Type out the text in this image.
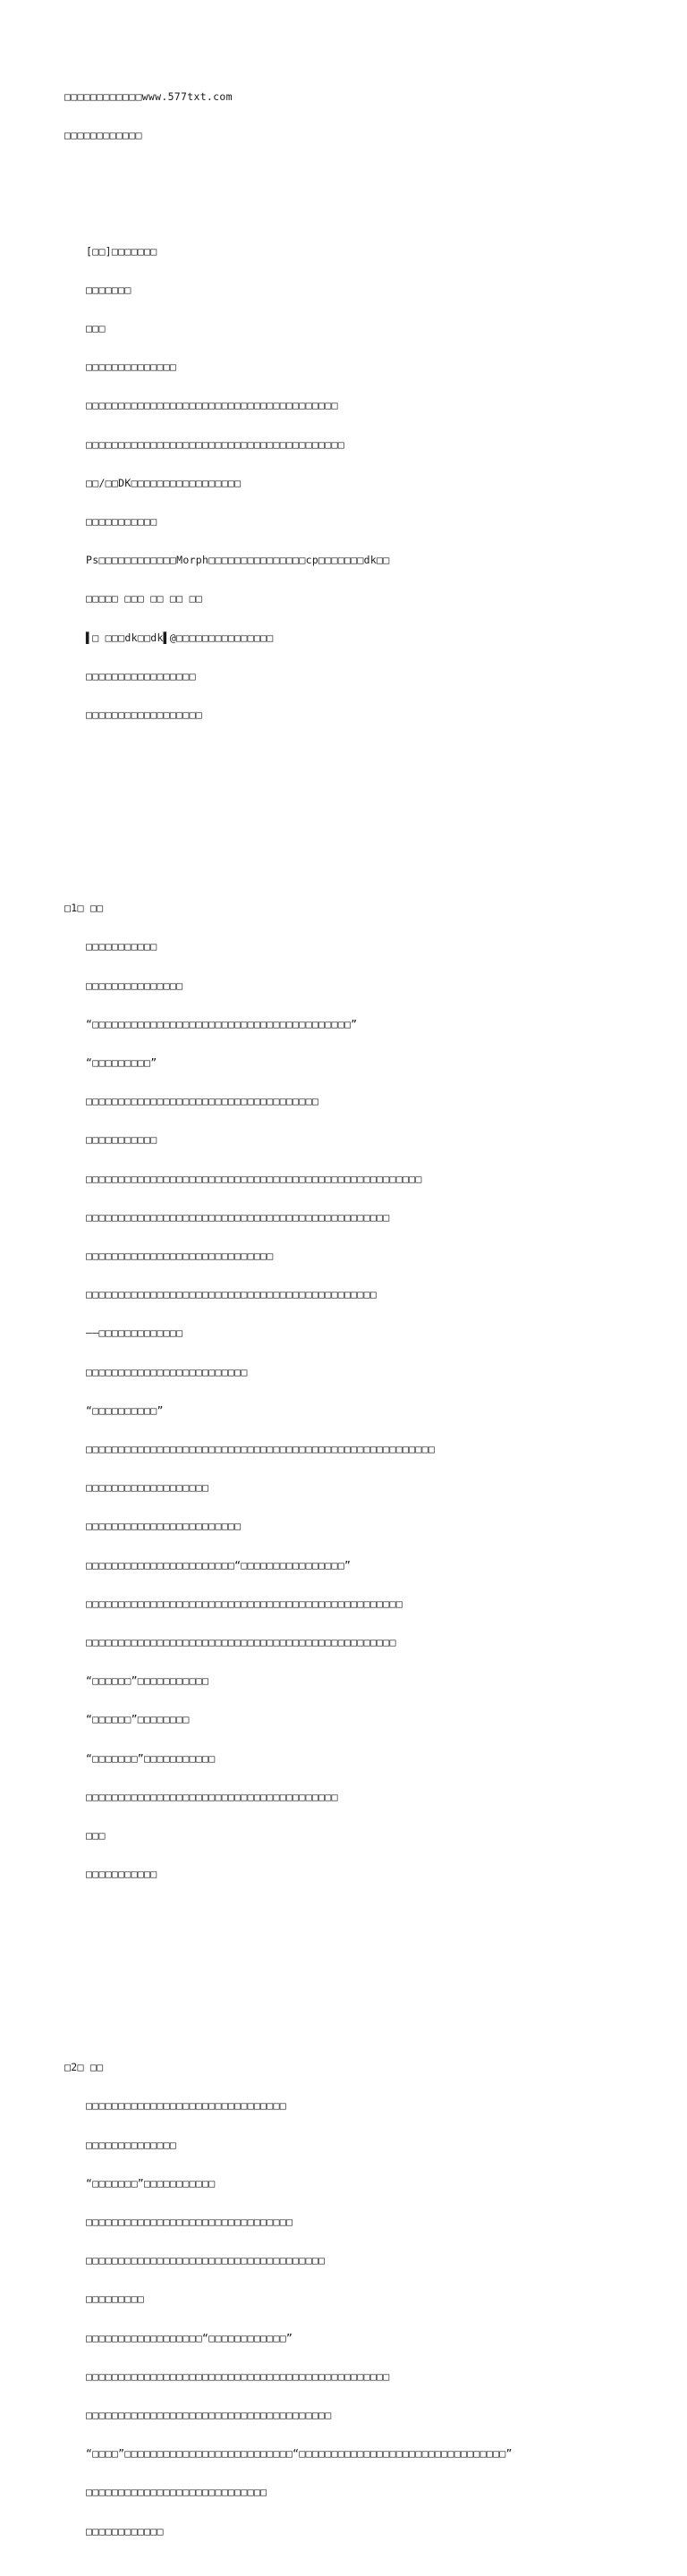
□□□□□□□□□□□□www.577txt.com

□□□□□□□□□□□□

[□□]□□□□□□□

□□□□□□□

□□□

□□□□□□□□□□□□□□

□□□□□□□□□□□□□□□□□□□□□□□□□□□□□□□□□□□□□□□

□□□□□□□□□□□□□□□□□□□□□□□□□□□□□□□□□□□□□□□□

□□/□□DK□□□□□□□□□□□□□□□□□

□□□□□□□□□□□

Ps□□□□□□□□□□□□Morph□□□□□□□□□□□□□□□cp□□□□□□□dk□□

□□□□□ □□□ □□ □□ □□

▌□ □□□dk□□dk▌@□□□□□□□□□□□□□□□

□□□□□□□□□□□□□□□□□

□□□□□□□□□□□□□□□□□□

□1□ □□

□□□□□□□□□□□

□□□□□□□□□□□□□□□

“□□□□□□□□□□□□□□□□□□□□□□□□□□□□□□□□□□□□□□□□”

“□□□□□□□□□”

□□□□□□□□□□□□□□□□□□□□□□□□□□□□□□□□□□□□

□□□□□□□□□□□

□□□□□□□□□□□□□□□□□□□□□□□□□□□□□□□□□□□□□□□□□□□□□□□□□□□□

□□□□□□□□□□□□□□□□□□□□□□□□□□□□□□□□□□□□□□□□□□□□□□□

□□□□□□□□□□□□□□□□□□□□□□□□□□□□□

□□□□□□□□□□□□□□□□□□□□□□□□□□□□□□□□□□□□□□□□□□□□□

——□□□□□□□□□□□□□

□□□□□□□□□□□□□□□□□□□□□□□□□

“□□□□□□□□□□”

□□□□□□□□□□□□□□□□□□□□□□□□□□□□□□□□□□□□□□□□□□□□□□□□□□□□□□

□□□□□□□□□□□□□□□□□□□

□□□□□□□□□□□□□□□□□□□□□□□□

□□□□□□□□□□□□□□□□□□□□□□□“□□□□□□□□□□□□□□□□”

□□□□□□□□□□□□□□□□□□□□□□□□□□□□□□□□□□□□□□□□□□□□□□□□□

□□□□□□□□□□□□□□□□□□□□□□□□□□□□□□□□□□□□□□□□□□□□□□□□

“□□□□□□”□□□□□□□□□□□

“□□□□□□”□□□□□□□□

“□□□□□□□”□□□□□□□□□□□

□□□□□□□□□□□□□□□□□□□□□□□□□□□□□□□□□□□□□□□

□□□

□□□□□□□□□□□

□2□ □□

□□□□□□□□□□□□□□□□□□□□□□□□□□□□□□□

□□□□□□□□□□□□□□

“□□□□□□□”□□□□□□□□□□□

□□□□□□□□□□□□□□□□□□□□□□□□□□□□□□□□

□□□□□□□□□□□□□□□□□□□□□□□□□□□□□□□□□□□□□

□□□□□□□□□

□□□□□□□□□□□□□□□□□□“□□□□□□□□□□□□”

□□□□□□□□□□□□□□□□□□□□□□□□□□□□□□□□□□□□□□□□□□□□□□□

□□□□□□□□□□□□□□□□□□□□□□□□□□□□□□□□□□□□□□

“□□□□”□□□□□□□□□□□□□□□□□□□□□□□□□□“□□□□□□□□□□□□□□□□□□□□□□□□□□□□□□□□”

□□□□□□□□□□□□□□□□□□□□□□□□□□□□

□□□□□□□□□□□□
